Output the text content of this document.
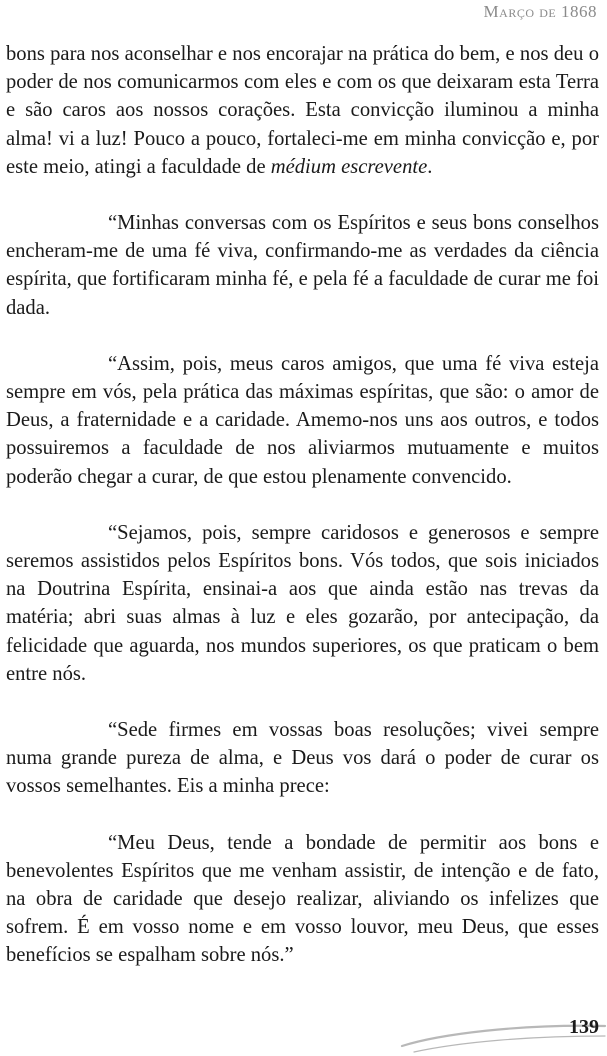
Março de 1868

bons para nos aconselhar e nos encorajar na prática do bem, e nos deu o poder de nos comunicarmos com eles e com os que deixaram esta Terra e são caros aos nossos corações. Esta convicção iluminou a minha alma! vi a luz! Pouco a pouco, fortaleci-me em minha convicção e, por este meio, atingi a faculdade de médium escrevente.

“Minhas conversas com os Espíritos e seus bons conselhos encheram-me de uma fé viva, confirmando-me as verdades da ciência espírita, que fortificaram minha fé, e pela fé a faculdade de curar me foi dada.

“Assim, pois, meus caros amigos, que uma fé viva esteja sempre em vós, pela prática das máximas espíritas, que são: o amor de Deus, a fraternidade e a caridade. Amemo-nos uns aos outros, e todos possuiremos a faculdade de nos aliviarmos mutuamente e muitos poderão chegar a curar, de que estou plenamente convencido.

“Sejamos, pois, sempre caridosos e generosos e sempre seremos assistidos pelos Espíritos bons. Vós todos, que sois iniciados na Doutrina Espírita, ensinai-a aos que ainda estão nas trevas da matéria; abri suas almas à luz e eles gozarão, por antecipação, da felicidade que aguarda, nos mundos superiores, os que praticam o bem entre nós.

“Sede firmes em vossas boas resoluções; vivei sempre numa grande pureza de alma, e Deus vos dará o poder de curar os vossos semelhantes. Eis a minha prece:

“Meu Deus, tende a bondade de permitir aos bons e benevolentes Espíritos que me venham assistir, de intenção e de fato, na obra de caridade que desejo realizar, aliviando os infelizes que sofrem. É em vosso nome e em vosso louvor, meu Deus, que esses benefícios se espalham sobre nós.”

139
